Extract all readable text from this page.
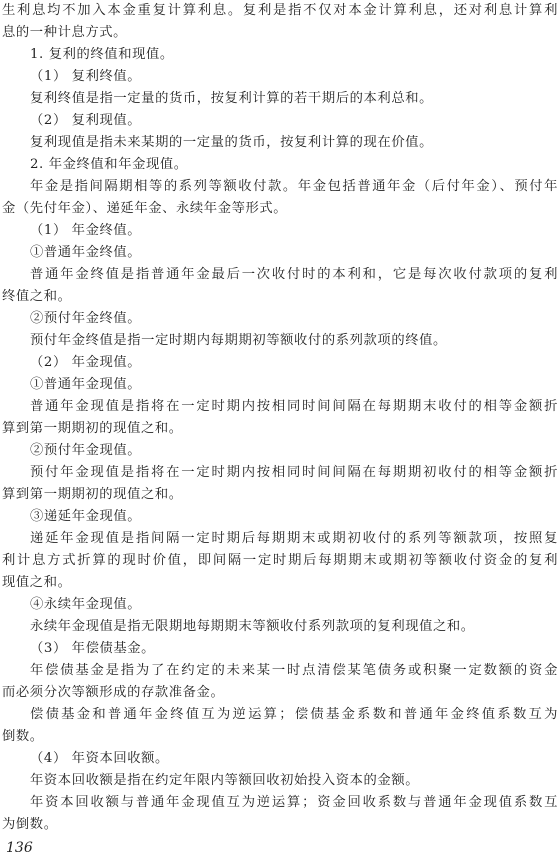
生利息均不加入本金重复计算利息。复利是指不仅对本金计算利息，还对利息计算利
息的一种计息方式。
1. 复利的终值和现值。
（1） 复利终值。
复利终值是指一定量的货币，按复利计算的若干期后的本利总和。
（2） 复利现值。
复利现值是指未来某期的一定量的货币，按复利计算的现在价值。
2. 年金终值和年金现值。
年金是指间隔期相等的系列等额收付款。年金包括普通年金（后付年金）、预付年
金（先付年金）、递延年金、永续年金等形式。
（1） 年金终值。
①普通年金终值。
普通年金终值是指普通年金最后一次收付时的本利和，它是每次收付款项的复利
终值之和。
②预付年金终值。
预付年金终值是指一定时期内每期期初等额收付的系列款项的终值。
（2） 年金现值。
①普通年金现值。
普通年金现值是指将在一定时期内按相同时间间隔在每期期末收付的相等金额折
算到第一期期初的现值之和。
②预付年金现值。
预付年金现值是指将在一定时期内按相同时间间隔在每期期初收付的相等金额折
算到第一期期初的现值之和。
③递延年金现值。
递延年金现值是指间隔一定时期后每期期末或期初收付的系列等额款项，按照复
利计息方式折算的现时价值，即间隔一定时期后每期期末或期初等额收付资金的复利
现值之和。
④永续年金现值。
永续年金现值是指无限期地每期期末等额收付系列款项的复利现值之和。
（3） 年偿债基金。
年偿债基金是指为了在约定的未来某一时点清偿某笔债务或积聚一定数额的资金
而必须分次等额形成的存款准备金。
偿债基金和普通年金终值互为逆运算；偿债基金系数和普通年金终值系数互为
倒数。
（4） 年资本回收额。
年资本回收额是指在约定年限内等额回收初始投入资本的金额。
年资本回收额与普通年金现值互为逆运算；资金回收系数与普通年金现值系数互
为倒数。
136
